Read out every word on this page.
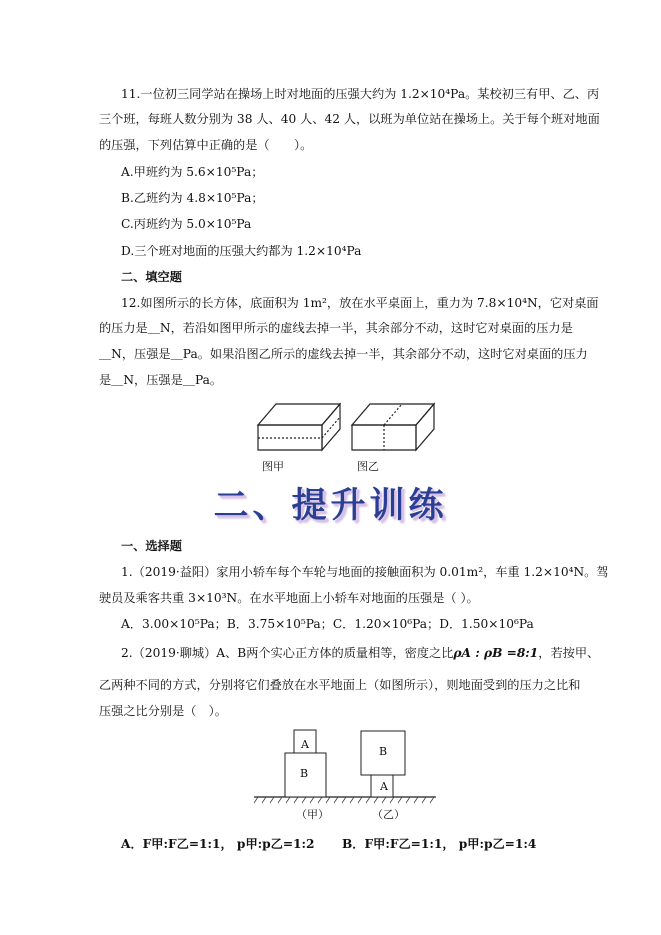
11.一位初三同学站在操场上时对地面的压强大约为 1.2×10⁴Pa。某校初三有甲、乙、丙
三个班，每班人数分别为 38 人、40 人、42 人，以班为单位站在操场上。关于每个班对地面
的压强，下列估算中正确的是（　　）。
A.甲班约为 5.6×10⁵Pa；
B.乙班约为 4.8×10⁵Pa；
C.丙班约为 5.0×10⁵Pa
D.三个班对地面的压强大约都为 1.2×10⁴Pa
二、填空题
12.如图所示的长方体，底面积为 1m²，放在水平桌面上，重力为 7.8×10⁴N，它对桌面
的压力是＿N，若沿如图甲所示的虚线去掉一半，其余部分不动，这时它对桌面的压力是
＿N，压强是＿Pa。如果沿图乙所示的虚线去掉一半，其余部分不动，这时它对桌面的压力
是＿N，压强是＿Pa。
图甲	图乙
二、提升训练
一、选择题
1.（2019·益阳）家用小轿车每个车轮与地面的接触面积为 0.01m²，车重 1.2×10⁴N。驾
驶员及乘客共重 3×10³N。在水平地面上小轿车对地面的压强是（ ）。
A．3.00×10⁵Pa；B．3.75×10⁵Pa；C．1.20×10⁶Pa；D．1.50×10⁶Pa
2.（2019·聊城）A、B两个实心正方体的质量相等，密度之比ρA : ρB =8:1，若按甲、
乙两种不同的方式，分别将它们叠放在水平地面上（如图所示），则地面受到的压力之比和
压强之比分别是（　）。
A
B
B
A
（甲）	（乙）
A．F甲:F乙=1:1， p甲:p乙=1:2 B．F甲:F乙=1:1， p甲:p乙=1:4
